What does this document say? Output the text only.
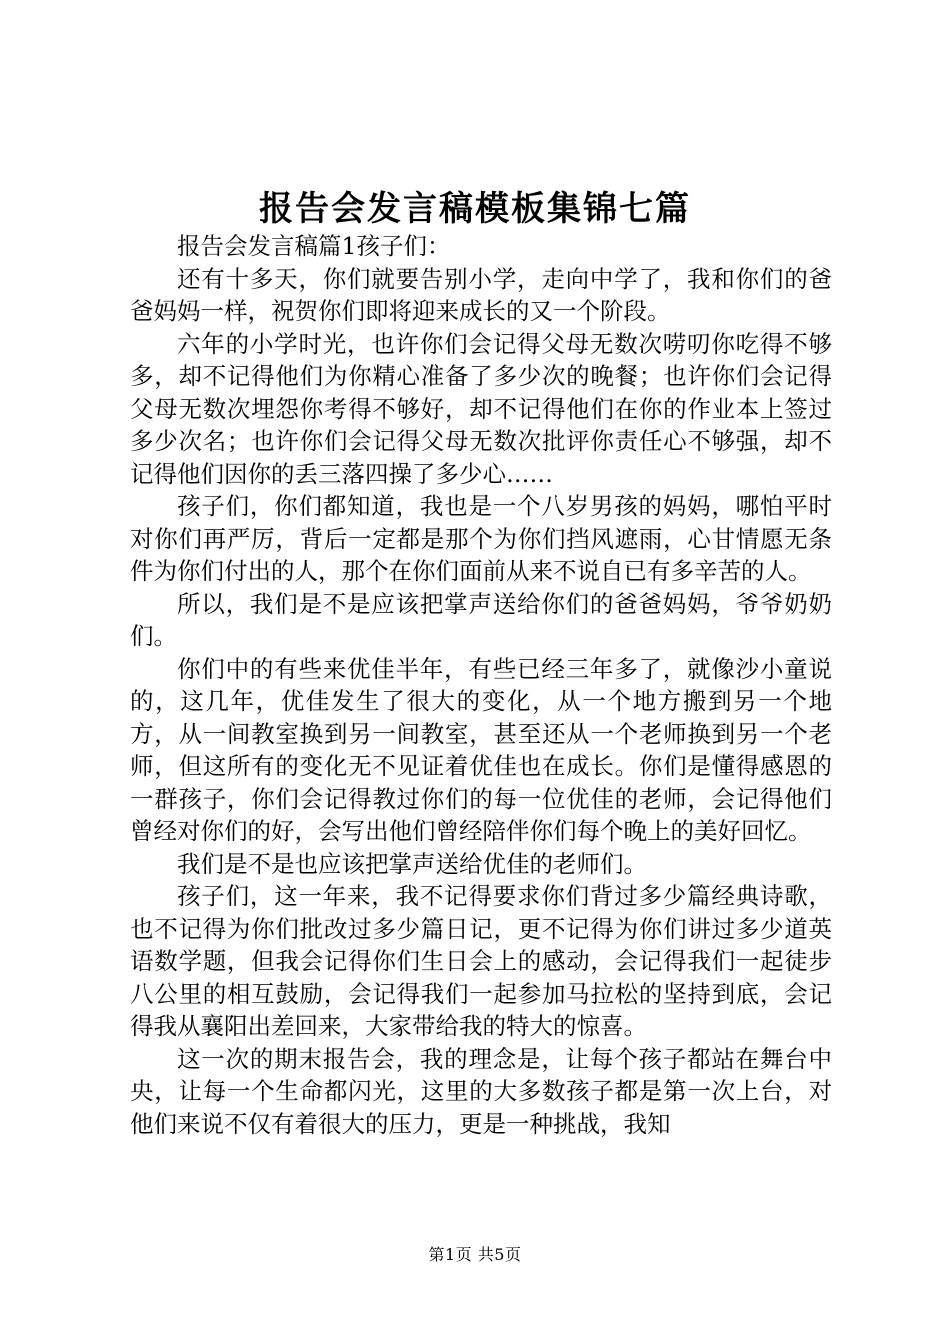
报告会发言稿模板集锦七篇

报告会发言稿篇1孩子们：

还有十多天，你们就要告别小学，走向中学了，我和你们的爸爸妈妈一样，祝贺你们即将迎来成长的又一个阶段。

六年的小学时光，也许你们会记得父母无数次唠叨你吃得不够多，却不记得他们为你精心准备了多少次的晚餐；也许你们会记得父母无数次埋怨你考得不够好，却不记得他们在你的作业本上签过多少次名；也许你们会记得父母无数次批评你责任心不够强，却不记得他们因你的丢三落四操了多少心……

孩子们，你们都知道，我也是一个八岁男孩的妈妈，哪怕平时对你们再严厉，背后一定都是那个为你们挡风遮雨，心甘情愿无条件为你们付出的人，那个在你们面前从来不说自已有多辛苦的人。

所以，我们是不是应该把掌声送给你们的爸爸妈妈，爷爷奶奶们。

你们中的有些来优佳半年，有些已经三年多了，就像沙小童说的，这几年，优佳发生了很大的变化，从一个地方搬到另一个地方，从一间教室换到另一间教室，甚至还从一个老师换到另一个老师，但这所有的变化无不见证着优佳也在成长。你们是懂得感恩的一群孩子，你们会记得教过你们的每一位优佳的老师，会记得他们曾经对你们的好，会写出他们曾经陪伴你们每个晚上的美好回忆。

我们是不是也应该把掌声送给优佳的老师们。

孩子们，这一年来，我不记得要求你们背过多少篇经典诗歌，也不记得为你们批改过多少篇日记，更不记得为你们讲过多少道英语数学题，但我会记得你们生日会上的感动，会记得我们一起徒步八公里的相互鼓励，会记得我们一起参加马拉松的坚持到底，会记得我从襄阳出差回来，大家带给我的特大的惊喜。

这一次的期末报告会，我的理念是，让每个孩子都站在舞台中央，让每一个生命都闪光，这里的大多数孩子都是第一次上台，对他们来说不仅有着很大的压力，更是一种挑战，我知

第1页 共5页
